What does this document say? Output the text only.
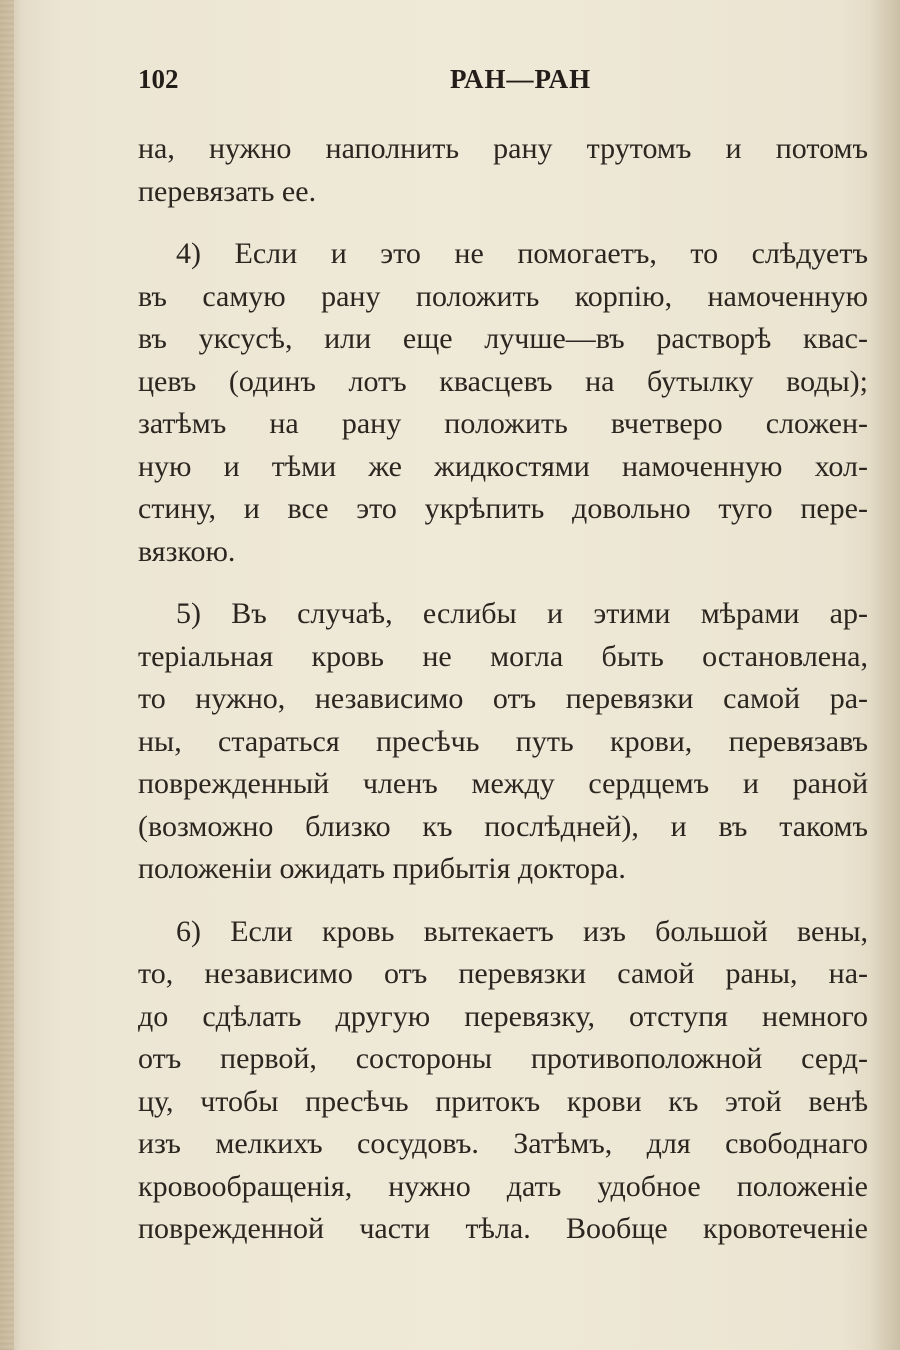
102	РАН—РАН
на, нужно наполнить рану трутомъ и потомъ
перевязать ее.
4) Если и это не помогаетъ, то слѣдуетъ
въ самую рану положить корпію, намоченную
въ уксусѣ, или еще лучше—въ растворѣ квас-
цевъ (одинъ лотъ квасцевъ на бутылку воды);
затѣмъ на рану положить вчетверо сложен-
ную и тѣми же жидкостями намоченную хол-
стину, и все это укрѣпить довольно туго пере-
вязкою.
5) Въ случаѣ, еслибы и этими мѣрами ар-
теріальная кровь не могла быть остановлена,
то нужно, независимо отъ перевязки самой ра-
ны, стараться пресѣчь путь крови, перевязавъ
поврежденный членъ между сердцемъ и раной
(возможно близко къ послѣдней), и въ такомъ
положеніи ожидать прибытія доктора.
6) Если кровь вытекаетъ изъ большой вены,
то, независимо отъ перевязки самой раны, на-
до сдѣлать другую перевязку, отступя немного
отъ первой, состороны противоположной серд-
цу, чтобы пресѣчь притокъ крови къ этой венѣ
изъ мелкихъ сосудовъ. Затѣмъ, для свободнаго
кровообращенія, нужно дать удобное положеніе
поврежденной части тѣла. Вообще кровотеченіе
